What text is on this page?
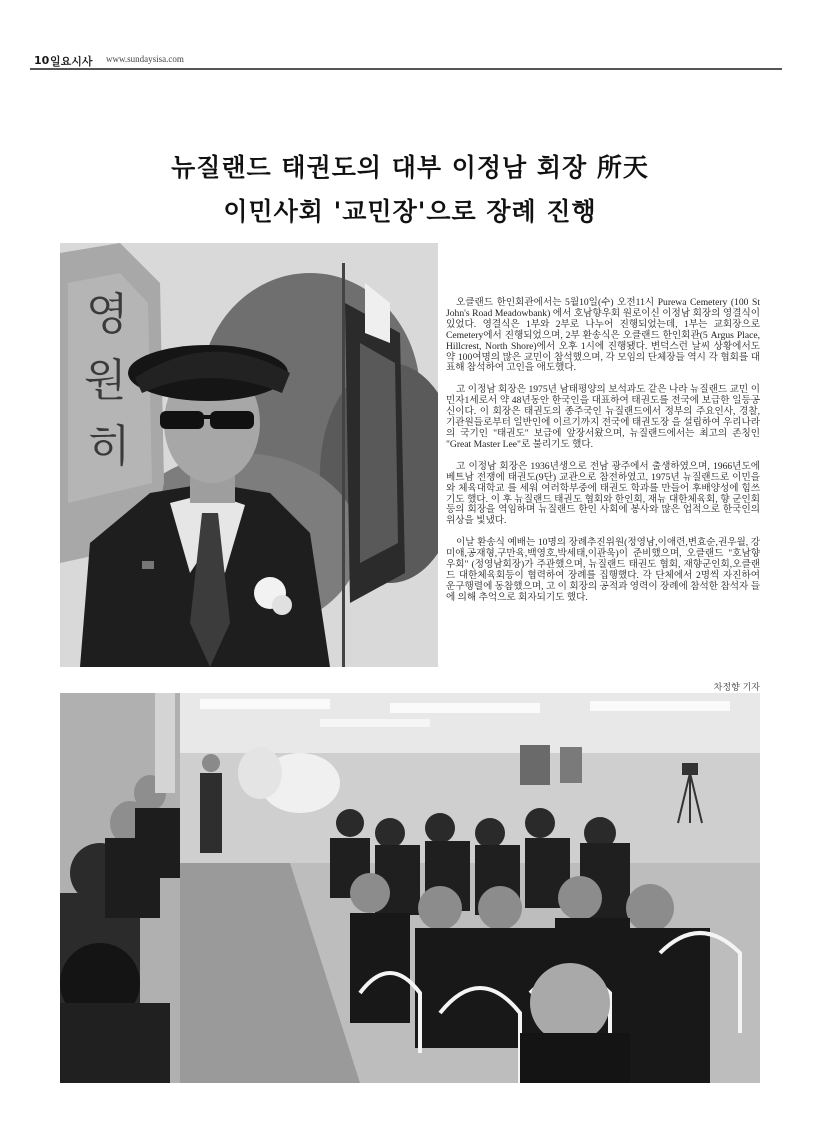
10 일요시사 www.sundaysisa.com
뉴질랜드 태권도의 대부 이정남 회장 所天
이민사회 '교민장'으로 장례 진행
영
원
히

오클랜드 한인회관에서는 5월10일(수) 오전11시 Purewa Cemetery (100 St John's Road Meadowbank) 에서 호남향우회 원로이신 이정남 회장의 영결식이 있었다. 영결식은 1부와 2부로 나누어 진행되었는데, 1부는 교회장으로 Cemetery에서 진행되었으며, 2부 환송식은 오클랜드 한인회관(5 Argus Place, Hillcrest, North Shore)에서 오후 1시에 진행됐다. 변덕스런 날씨 상황에서도 약 100여명의 많은 교민이 참석했으며, 각 모임의 단체장들 역시 각 협회를 대표해 참석하여 고인을 애도했다.

고 이정남 회장은 1975년 남태평양의 보석과도 같은 나라 뉴질랜드 교민 이민자1세로서 약 48년동안 한국인을 대표하여 태권도를 전국에 보급한 일등공신이다. 이 회장은 태권도의 종주국인 뉴질랜드에서 정부의 주요인사, 경찰, 기관원들로부터 일반인에 이르기까지 전국에 태권도장 을 설립하여 우리나라의 국기인 "태권도" 보급에 앞장서왔으며, 뉴질랜드에서는 최고의 존칭인 "Great Master Lee"로 불리기도 했다.

고 이정남 회장은 1936년생으로 전남 광주에서 출생하였으며, 1966년도에 베트남 전쟁에 태권도(9단) 교관으로 참전하였고, 1975년 뉴질랜드로 이민을 와 체육대학교 를 세워 여러학부중에 태권도 학과를 만들어 후배양성에 힘쓰기도 했다. 이 후 뉴질랜드 태권도 협회와 한인회, 재뉴 대한체육회, 향 군인회 등의 회장을 역임하며 뉴질랜드 한인 사회에 봉사와 많은 업적으로 한국인의 위상을 빛냈다.

이날 환송식 예배는 10명의 장례추진위원(정영남,이애련,변효순,권우월, 강미애,공재형,구만육,백영호,박세태,이관욱)이 준비했으며, 오클랜드 "호남향우회" (정영남회장)가 주관했으며, 뉴질랜드 태권도 협회, 재향군인회,오클랜드 대한체육회등이 협력하여 장례를 집행했다. 각 단체에서 2명씩 자진하여 운구행렬에 동참했으며, 고 이 회장의 공적과 영력이 장례에 참석한 참석자 들에 의해 추억으로 회자되기도 했다.

차정향 기자
